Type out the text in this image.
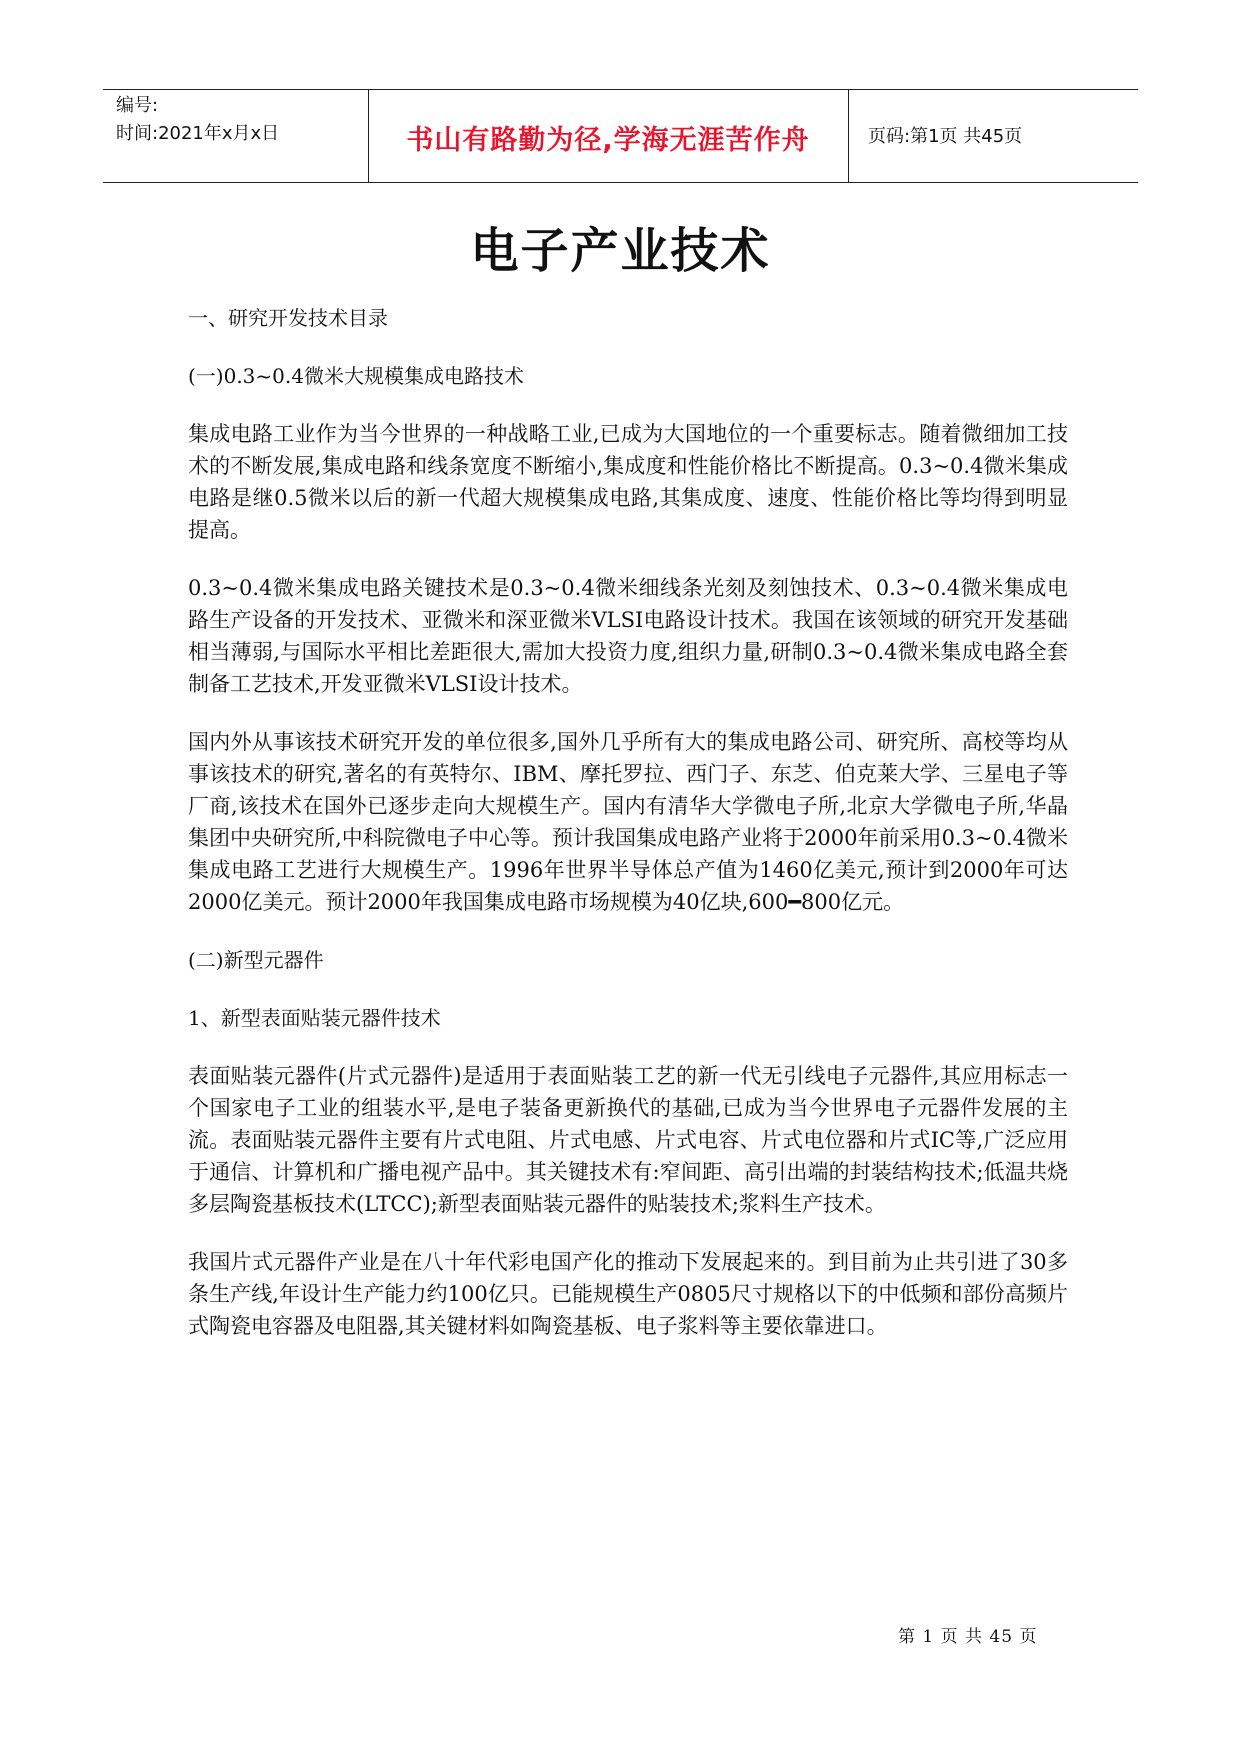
编号:
时间:2021年x月x日	书山有路勤为径,学海无涯苦作舟	页码:第1页 共45页
电子产业技术
一、研究开发技术目录
(一)0.3~0.4微米大规模集成电路技术
集成电路工业作为当今世界的一种战略工业,已成为大国地位的一个重要标志。随着微细加工技术的不断发展,集成电路和线条宽度不断缩小,集成度和性能价格比不断提高。0.3~0.4微米集成电路是继0.5微米以后的新一代超大规模集成电路,其集成度、速度、性能价格比等均得到明显提高。
0.3~0.4微米集成电路关键技术是0.3~0.4微米细线条光刻及刻蚀技术、0.3~0.4微米集成电路生产设备的开发技术、亚微米和深亚微米VLSI电路设计技术。我国在该领域的研究开发基础相当薄弱,与国际水平相比差距很大,需加大投资力度,组织力量,研制0.3~0.4微米集成电路全套制备工艺技术,开发亚微米VLSI设计技术。
国内外从事该技术研究开发的单位很多,国外几乎所有大的集成电路公司、研究所、高校等均从事该技术的研究,著名的有英特尔、IBM、摩托罗拉、西门子、东芝、伯克莱大学、三星电子等厂商,该技术在国外已逐步走向大规模生产。国内有清华大学微电子所,北京大学微电子所,华晶集团中央研究所,中科院微电子中心等。预计我国集成电路产业将于2000年前采用0.3~0.4微米集成电路工艺进行大规模生产。1996年世界半导体总产值为1460亿美元,预计到2000年可达2000亿美元。预计2000年我国集成电路市场规模为40亿块,600━800亿元。
(二)新型元器件
1、新型表面贴装元器件技术
表面贴装元器件(片式元器件)是适用于表面贴装工艺的新一代无引线电子元器件,其应用标志一个国家电子工业的组装水平,是电子装备更新换代的基础,已成为当今世界电子元器件发展的主流。表面贴装元器件主要有片式电阻、片式电感、片式电容、片式电位器和片式IC等,广泛应用于通信、计算机和广播电视产品中。其关键技术有:窄间距、高引出端的封装结构技术;低温共烧多层陶瓷基板技术(LTCC);新型表面贴装元器件的贴装技术;浆料生产技术。
我国片式元器件产业是在八十年代彩电国产化的推动下发展起来的。到目前为止共引进了30多条生产线,年设计生产能力约100亿只。已能规模生产0805尺寸规格以下的中低频和部份高频片式陶瓷电容器及电阻器,其关键材料如陶瓷基板、电子浆料等主要依靠进口。
第 1 页 共 45 页
